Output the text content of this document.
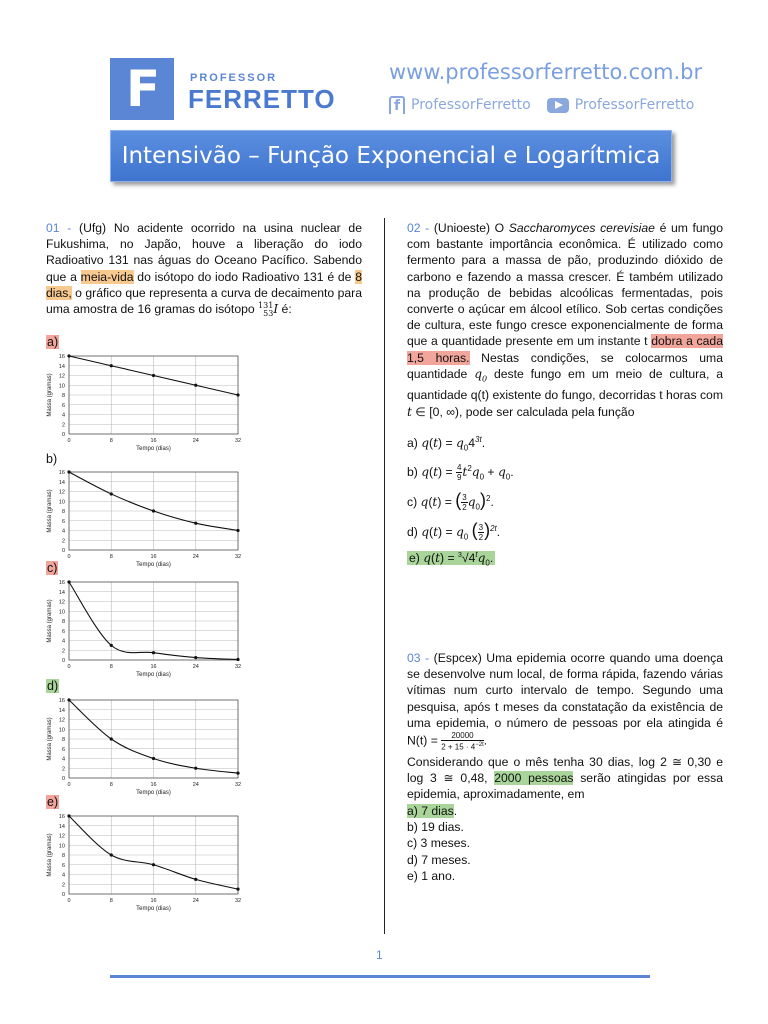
F	PROFESSOR
FERRETTO
www.professorferretto.com.br
f ProfessorFerretto	ProfessorFerretto
Intensivão – Função Exponencial e Logarítmica
01 - (Ufg) No acidente ocorrido na usina nuclear de Fukushima, no Japão, houve a liberação do iodo Radioativo 131 nas águas do Oceano Pacífico. Sabendo que a meia-vida do isótopo do iodo Radioativo 131 é de 8 dias, o gráfico que representa a curva de decaimento para uma amostra de 16 gramas do isótopo 131
53 I é:
a)
b)
c)
d)
e)
0
2
4
6
8
10
12
14
16
0	8	16	24	32
Tempo (dias)
Massa (gramas)
0
2
4
6
8
10
12
14
16
0	8	16	24	32
Tempo (dias)
Massa (gramas)
0
2
4
6
8
10
12
14
16
0	8	16	24	32
Tempo (dias)
Massa (gramas)
0
2
4
6
8
10
12
14
16
0	8	16	24	32
Tempo (dias)
Massa (gramas)
0
2
4
6
8
10
12
14
16
0	8	16	24	32
Tempo (dias)
Massa (gramas)
02 - (Unioeste) O Saccharomyces cerevisiae é um fungo com bastante importância econômica. É utilizado como fermento para a massa de pão, produzindo dióxido de carbono e fazendo a massa crescer. É também utilizado na produção de bebidas alcoólicas fermentadas, pois converte o açúcar em álcool etílico. Sob certas condições de cultura, este fungo cresce exponencialmente de forma que a quantidade presente em um instante t dobra a cada 1,5 horas. Nestas condições, se colocarmos uma quantidade $q_0$ deste fungo em um meio de cultura, a quantidade q(t) existente do fungo, decorridas t horas com t ∈ [0, ∞), pode ser calculada pela função
a) $q(t) = q_04^{3t}$.
b) $q(t) = \frac{4}{9} t^2q_0 + q_0$.
c) q(t) = ( $\frac{3}{2} q_0)^2$.
d) $q(t) = q_0$ ( $\frac{3}{2} )^{2t}$.
e) $q(t) = ^3√4^tq_0$.
03 - (Espcex) Uma epidemia ocorre quando uma doença se desenvolve num local, de forma rápida, fazendo várias vítimas num curto intervalo de tempo. Segundo uma pesquisa, após t meses da constatação da existência de uma epidemia, o número de pessoas por ela atingida é $N(t) = \frac{20000}{2 + 15 \cdot 4^{-2t}}$ .
Considerando que o mês tenha 30 dias, log 2 ≅ 0,30 e log 3 ≅ 0,48, 2000 pessoas serão atingidas por essa epidemia, aproximadamente, em
a) 7 dias.
b) 19 dias.
c) 3 meses.
d) 7 meses.
e) 1 ano.
1
